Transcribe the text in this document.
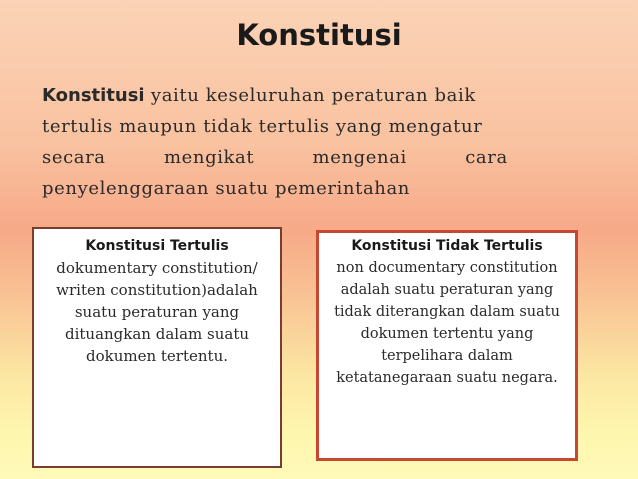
Konstitusi
Konstitusi yaitu keseluruhan peraturan baik
tertulis maupun tidak tertulis yang mengatur
secara mengikat mengenai cara
penyelenggaraan suatu pemerintahan
Konstitusi Tertulis
dokumentary constitution/
writen constitution)adalah
suatu peraturan yang
dituangkan dalam suatu
dokumen tertentu.
Konstitusi Tidak Tertulis
non documentary constitution
adalah suatu peraturan yang
tidak diterangkan dalam suatu
dokumen tertentu yang
terpelihara dalam
ketatanegaraan suatu negara.
